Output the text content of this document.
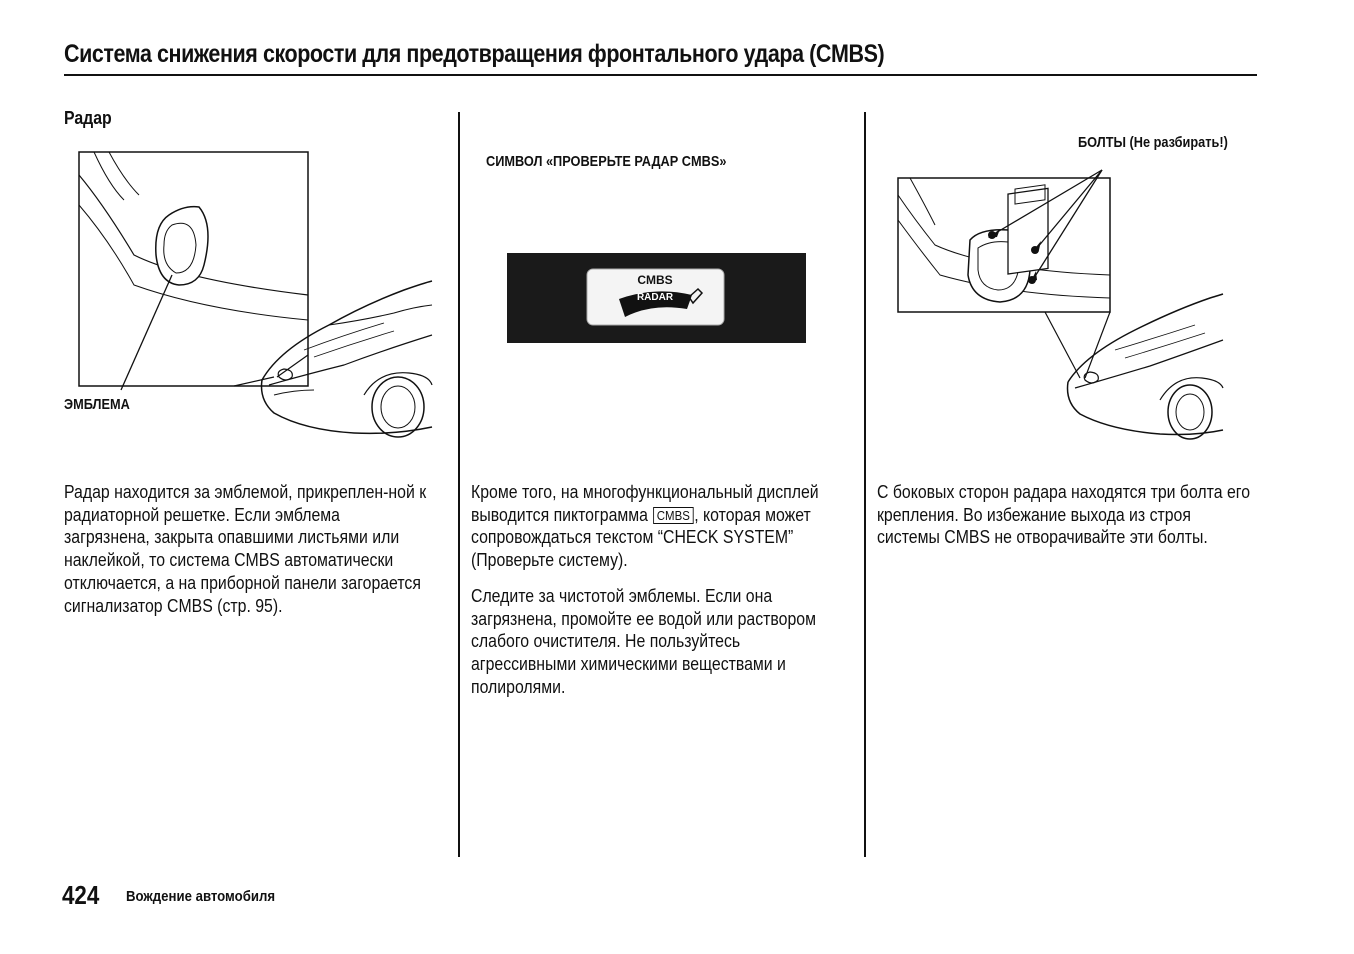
Система снижения скорости для предотвращения фронтального удара (CMBS)
Радар
ЭМБЛЕМА

Радар находится за эмблемой, прикреплен-ной к радиаторной решетке. Если эмблема загрязнена, закрыта опавшими листьями или наклейкой, то система CMBS автоматически отключается, а на приборной панели загорается сигнализатор CMBS (стр. 95).

СИМВОЛ «ПРОВЕРЬТЕ РАДАР CMBS»
CMBS
RADAR

Кроме того, на многофункциональный дисплей выводится пиктограмма CMBS , которая может сопровождаться текстом “CHECK SYSTEM” (Проверьте систему).

Следите за чистотой эмблемы. Если она загрязнена, промойте ее водой или раствором слабого очистителя. Не пользуйтесь агрессивными химическими веществами и полиролями.

БОЛТЫ (Не разбирать!)

С боковых сторон радара находятся три болта его крепления. Во избежание выхода из строя системы CMBS не отворачивайте эти болты.

424 Вождение автомобиля
